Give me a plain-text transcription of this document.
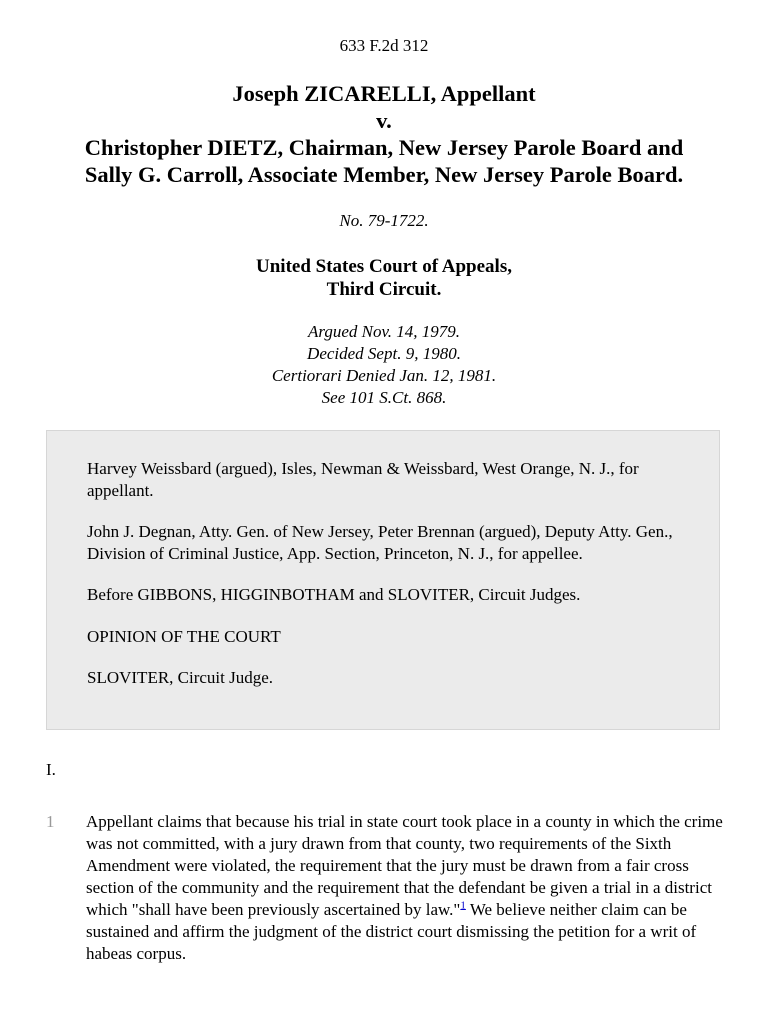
633 F.2d 312
Joseph ZICARELLI, Appellant
v.
Christopher DIETZ, Chairman, New Jersey Parole Board and
Sally G. Carroll, Associate Member, New Jersey Parole Board.
No. 79-1722.
United States Court of Appeals,
Third Circuit.
Argued Nov. 14, 1979.
Decided Sept. 9, 1980.
Certiorari Denied Jan. 12, 1981.
See 101 S.Ct. 868.

Harvey Weissbard (argued), Isles, Newman & Weissbard, West Orange, N. J., for appellant.

John J. Degnan, Atty. Gen. of New Jersey, Peter Brennan (argued), Deputy Atty. Gen., Division of Criminal Justice, App. Section, Princeton, N. J., for appellee.

Before GIBBONS, HIGGINBOTHAM and SLOVITER, Circuit Judges.

OPINION OF THE COURT

SLOVITER, Circuit Judge.

I.
1 Appellant claims that because his trial in state court took place in a county in which the crime was not committed, with a jury drawn from that county, two requirements of the Sixth Amendment were violated, the requirement that the jury must be drawn from a fair cross section of the community and the requirement that the defendant be given a trial in a district which "shall have been previously ascertained by law."$^1$ We believe neither claim can be sustained and affirm the judgment of the district court dismissing the petition for a writ of habeas corpus.
